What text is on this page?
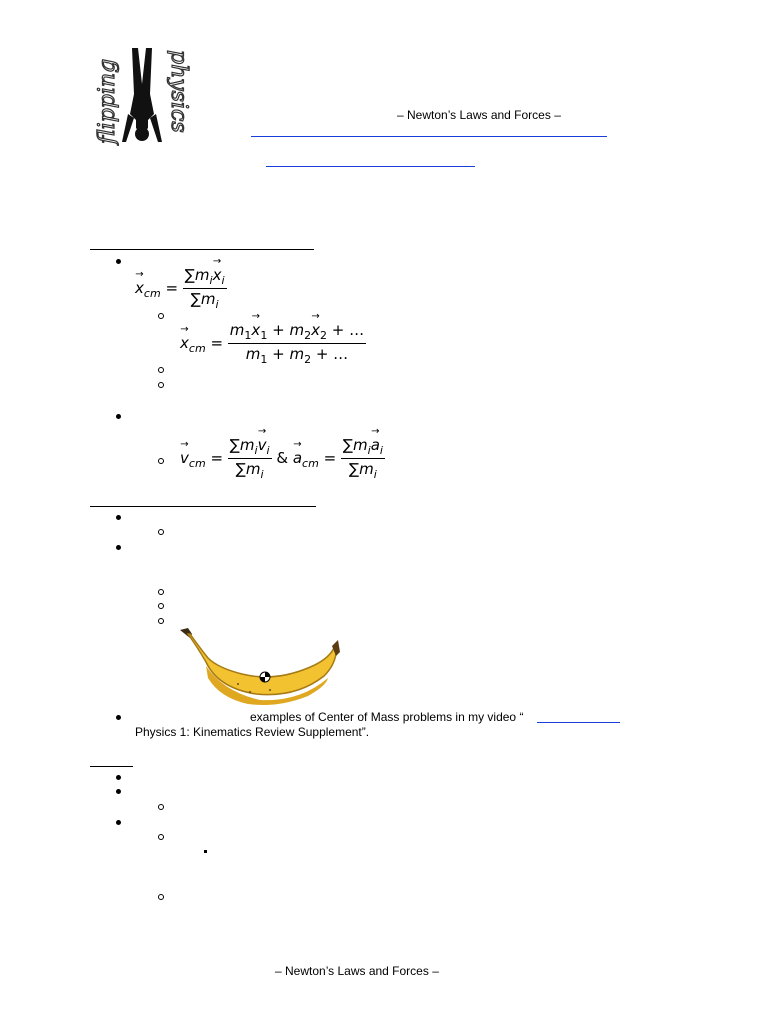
flipping physics	– Newton’s Laws and Forces –
→ $x_{cm} = \frac{\sum m_i\to x_i}{\sum m_i}$
→ $x_{cm} = \frac{m_1\to x_1 + m_2\to x_2 + \dots}{m_1 + m_2 + \dots}$
→ $v_{cm} = \frac{\sum m_i\to v_i}{\sum m_i}$ & → $a_{cm} = \frac{\sum m_i\to a_i}{\sum m_i}$
examples of Center of Mass problems in my video “
Physics 1: Kinematics Review Supplement”.
– Newton’s Laws and Forces –
